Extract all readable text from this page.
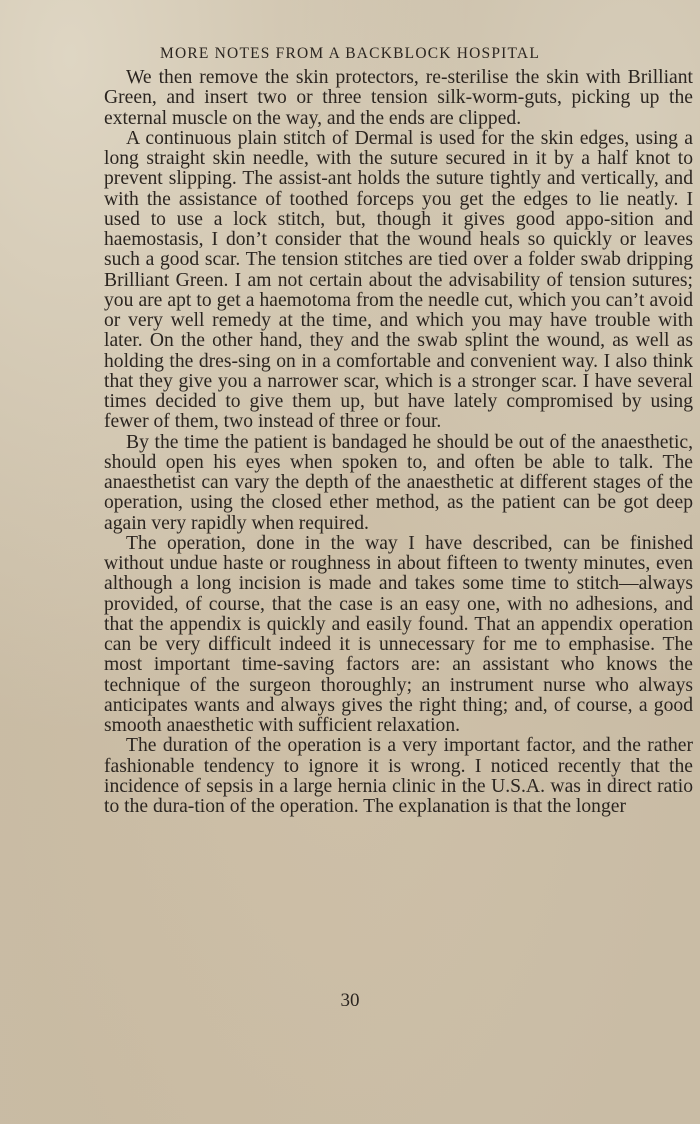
MORE NOTES FROM A BACKBLOCK HOSPITAL

We then remove the skin protectors, re-sterilise the skin with Brilliant Green, and insert two or three tension silk-worm-guts, picking up the external muscle on the way, and the ends are clipped.

A continuous plain stitch of Dermal is used for the skin edges, using a long straight skin needle, with the suture secured in it by a half knot to prevent slipping. The assist-ant holds the suture tightly and vertically, and with the assistance of toothed forceps you get the edges to lie neatly. I used to use a lock stitch, but, though it gives good appo-sition and haemostasis, I don’t consider that the wound heals so quickly or leaves such a good scar. The tension stitches are tied over a folder swab dripping Brilliant Green. I am not certain about the advisability of tension sutures; you are apt to get a haemotoma from the needle cut, which you can’t avoid or very well remedy at the time, and which you may have trouble with later. On the other hand, they and the swab splint the wound, as well as holding the dres-sing on in a comfortable and convenient way. I also think that they give you a narrower scar, which is a stronger scar. I have several times decided to give them up, but have lately compromised by using fewer of them, two instead of three or four.

By the time the patient is bandaged he should be out of the anaesthetic, should open his eyes when spoken to, and often be able to talk. The anaesthetist can vary the depth of the anaesthetic at different stages of the operation, using the closed ether method, as the patient can be got deep again very rapidly when required.

The operation, done in the way I have described, can be finished without undue haste or roughness in about fifteen to twenty minutes, even although a long incision is made and takes some time to stitch—always provided, of course, that the case is an easy one, with no adhesions, and that the appendix is quickly and easily found. That an appendix operation can be very difficult indeed it is unnecessary for me to emphasise. The most important time-saving factors are: an assistant who knows the technique of the surgeon thoroughly; an instrument nurse who always anticipates wants and always gives the right thing; and, of course, a good smooth anaesthetic with sufficient relaxation.

The duration of the operation is a very important factor, and the rather fashionable tendency to ignore it is wrong. I noticed recently that the incidence of sepsis in a large hernia clinic in the U.S.A. was in direct ratio to the dura-tion of the operation. The explanation is that the longer

30
